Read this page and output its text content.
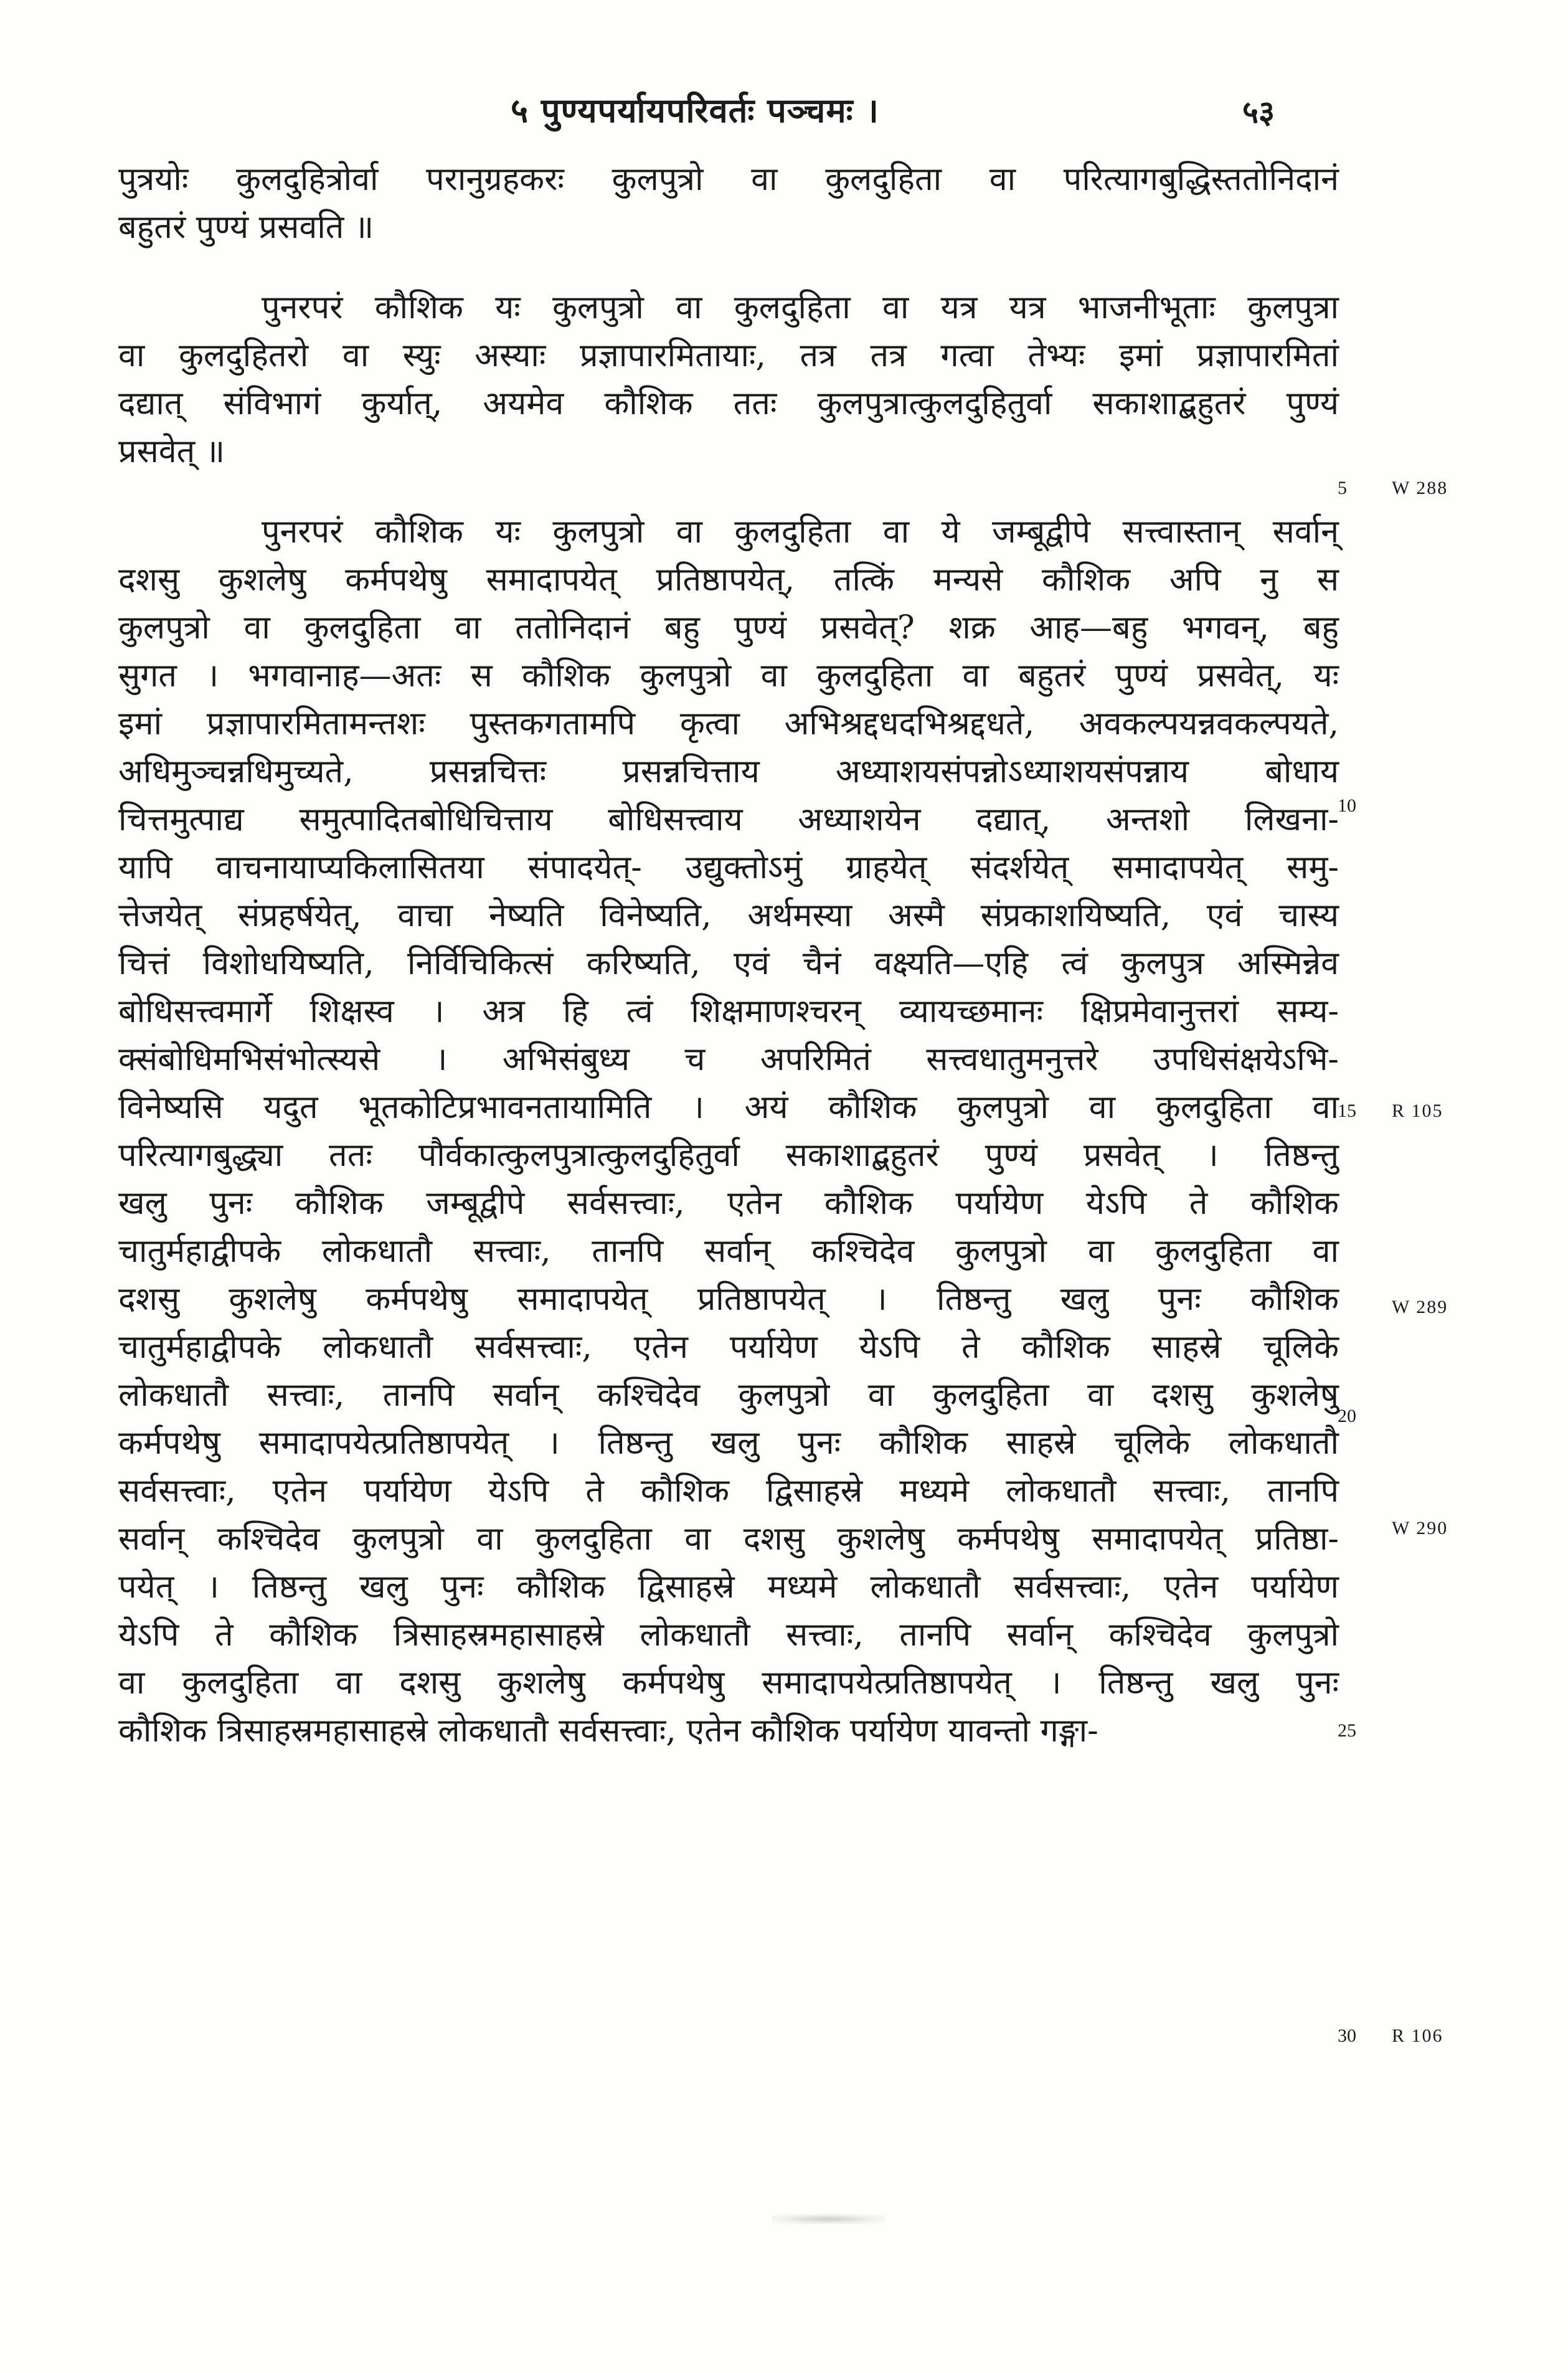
५ पुण्यपर्यायपरिवर्तः पञ्चमः ।	५३
पुत्रयोः कुलदुहित्रोर्वा परानुग्रहकरः कुलपुत्रो वा कुलदुहिता वा परित्यागबुद्धिस्ततोनिदानं
बहुतरं पुण्यं प्रसवति ॥
पुनरपरं कौशिक यः कुलपुत्रो वा कुलदुहिता वा यत्र यत्र भाजनीभूताः कुलपुत्रा
वा कुलदुहितरो वा स्युः अस्याः प्रज्ञापारमितायाः, तत्र तत्र गत्वा तेभ्यः इमां प्रज्ञापारमितां
दद्यात् संविभागं कुर्यात्, अयमेव कौशिक ततः कुलपुत्रात्कुलदुहितुर्वा सकाशाद्बहुतरं पुण्यं
प्रसवेत् ॥
पुनरपरं कौशिक यः कुलपुत्रो वा कुलदुहिता वा ये जम्बूद्वीपे सत्त्वास्तान् सर्वान्
दशसु कुशलेषु कर्मपथेषु समादापयेत् प्रतिष्ठापयेत्, तत्किं मन्यसे कौशिक अपि नु स
कुलपुत्रो वा कुलदुहिता वा ततोनिदानं बहु पुण्यं प्रसवेत्? शक्र आह—बहु भगवन्, बहु
सुगत । भगवानाह—अतः स कौशिक कुलपुत्रो वा कुलदुहिता वा बहुतरं पुण्यं प्रसवेत्, यः
इमां प्रज्ञापारमितामन्तशः पुस्तकगतामपि कृत्वा अभिश्रद्दधदभिश्रद्दधते, अवकल्पयन्नवकल्पयते,
अधिमुञ्चन्नधिमुच्यते, प्रसन्नचित्तः प्रसन्नचित्ताय अध्याशयसंपन्नोऽध्याशयसंपन्नाय बोधाय
चित्तमुत्पाद्य समुत्पादितबोधिचित्ताय बोधिसत्त्वाय अध्याशयेन दद्यात्, अन्तशो लिखना-
यापि वाचनायाप्यकिलासितया संपादयेत्- उद्युक्तोऽमुं ग्राहयेत् संदर्शयेत् समादापयेत् समु-
त्तेजयेत् संप्रहर्षयेत्, वाचा नेष्यति विनेष्यति, अर्थमस्या अस्मै संप्रकाशयिष्यति, एवं चास्य
चित्तं विशोधयिष्यति, निर्विचिकित्सं करिष्यति, एवं चैनं वक्ष्यति—एहि त्वं कुलपुत्र अस्मिन्नेव
बोधिसत्त्वमार्गे शिक्षस्व । अत्र हि त्वं शिक्षमाणश्चरन् व्यायच्छमानः क्षिप्रमेवानुत्तरां सम्य-
क्संबोधिमभिसंभोत्स्यसे । अभिसंबुध्य च अपरिमितं सत्त्वधातुमनुत्तरे उपधिसंक्षयेऽभि-
विनेष्यसि यदुत भूतकोटिप्रभावनतायामिति । अयं कौशिक कुलपुत्रो वा कुलदुहिता वा
परित्यागबुद्ध्या ततः पौर्वकात्कुलपुत्रात्कुलदुहितुर्वा सकाशाद्बहुतरं पुण्यं प्रसवेत् । तिष्ठन्तु
खलु पुनः कौशिक जम्बूद्वीपे सर्वसत्त्वाः, एतेन कौशिक पर्यायेण येऽपि ते कौशिक
चातुर्महाद्वीपके लोकधातौ सत्त्वाः, तानपि सर्वान् कश्चिदेव कुलपुत्रो वा कुलदुहिता वा
दशसु कुशलेषु कर्मपथेषु समादापयेत् प्रतिष्ठापयेत् । तिष्ठन्तु खलु पुनः कौशिक
चातुर्महाद्वीपके लोकधातौ सर्वसत्त्वाः, एतेन पर्यायेण येऽपि ते कौशिक साहस्रे चूलिके
लोकधातौ सत्त्वाः, तानपि सर्वान् कश्चिदेव कुलपुत्रो वा कुलदुहिता वा दशसु कुशलेषु
कर्मपथेषु समादापयेत्प्रतिष्ठापयेत् । तिष्ठन्तु खलु पुनः कौशिक साहस्रे चूलिके लोकधातौ
सर्वसत्त्वाः, एतेन पर्यायेण येऽपि ते कौशिक द्विसाहस्रे मध्यमे लोकधातौ सत्त्वाः, तानपि
सर्वान् कश्चिदेव कुलपुत्रो वा कुलदुहिता वा दशसु कुशलेषु कर्मपथेषु समादापयेत् प्रतिष्ठा-
पयेत् । तिष्ठन्तु खलु पुनः कौशिक द्विसाहस्रे मध्यमे लोकधातौ सर्वसत्त्वाः, एतेन पर्यायेण
येऽपि ते कौशिक त्रिसाहस्रमहासाहस्रे लोकधातौ सत्त्वाः, तानपि सर्वान् कश्चिदेव कुलपुत्रो
वा कुलदुहिता वा दशसु कुशलेषु कर्मपथेषु समादापयेत्प्रतिष्ठापयेत् । तिष्ठन्तु खलु पुनः
कौशिक त्रिसाहस्रमहासाहस्रे लोकधातौ सर्वसत्त्वाः, एतेन कौशिक पर्यायेण यावन्तो गङ्गा-
5
10
15
20
25
30
W 288
R 105
W 289
W 290
R 106
